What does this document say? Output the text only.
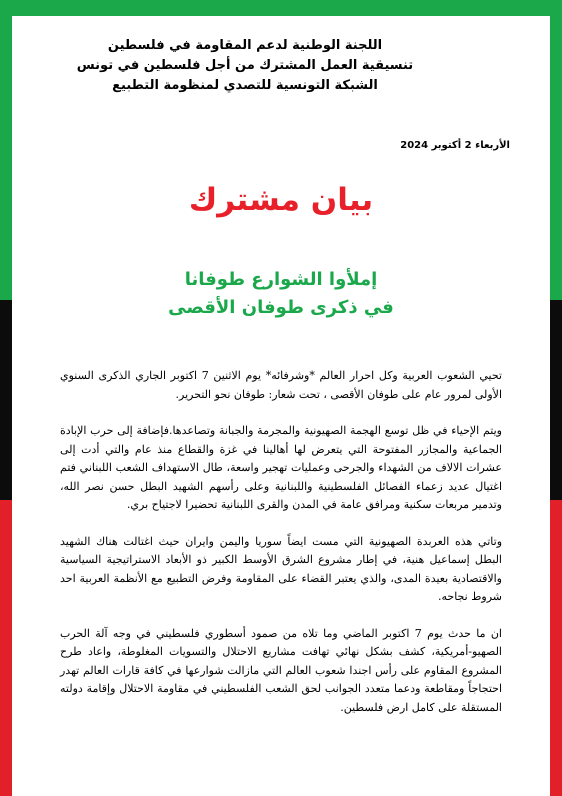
اللجنة الوطنية لدعم المقاومة في فلسطين
تنسيقية العمل المشترك من أجل فلسطين في تونس
الشبكة التونسية للتصدي لمنظومة التطبيع
الأربعاء 2 أكتوبر 2024
بيان مشترك
إملأوا الشوارع طوفانا
في ذكرى طوفان الأقصى

تحيي الشعوب العربية وكل احرار العالم *وشرفائه* يوم الاثنين 7 اكتوبر الجاري الذكرى السنوي الأولى لمرور عام على طوفان الأقصى ، تحت شعار: طوفان نحو التحرير.

ويتم الإحياء في ظل توسع الهجمة الصهيونية والمجرمة والجبانة وتصاعدها.فإضافة إلى حرب الإبادة الجماعية والمجازر المفتوحة التي يتعرض لها أهالينا في غزة والقطاع منذ عام والتي أدت إلى عشرات الالاف من الشهداء والجرحى وعمليات تهجير واسعة، طال الاستهداف الشعب اللبناني فتم اغتيال عديد زعماء الفصائل الفلسطينية واللبنانية وعلى رأسهم الشهيد البطل حسن نصر الله، وتدمير مربعات سكنية ومرافق عامة في المدن والقرى اللبنانية تحضيرا لاجتياح بري.

وتاتي هذه العربدة الصهيونية التي مست ايضاً سوريا واليمن وايران حيث اغتالت هناك الشهيد البطل إسماعيل هنية، في إطار مشروع الشرق الأوسط الكبير ذو الأبعاد الاستراتيجية السياسية والاقتصادية بعيدة المدى، والذي يعتبر القضاء على المقاومة وفرض التطبيع مع الأنظمة العربية احد شروط نجاحه.

ان ما حدث يوم 7 اكتوبر الماضي وما تلاه من صمود أسطوري فلسطيني في وجه آلة الحرب الصهيو-أمريكية، كشف بشكل نهائي تهافت مشاريع الاحتلال والتسويات المغلوطة، واعاد طرح المشروع المقاوم على رأس اجندا شعوب العالم التي مازالت شوارعها في كافة قارات العالم تهدر احتجاجاً ومقاطعة ودعما متعدد الجوانب لحق الشعب الفلسطيني في مقاومة الاحتلال وإقامة دولته المستقلة على كامل ارض فلسطين.
